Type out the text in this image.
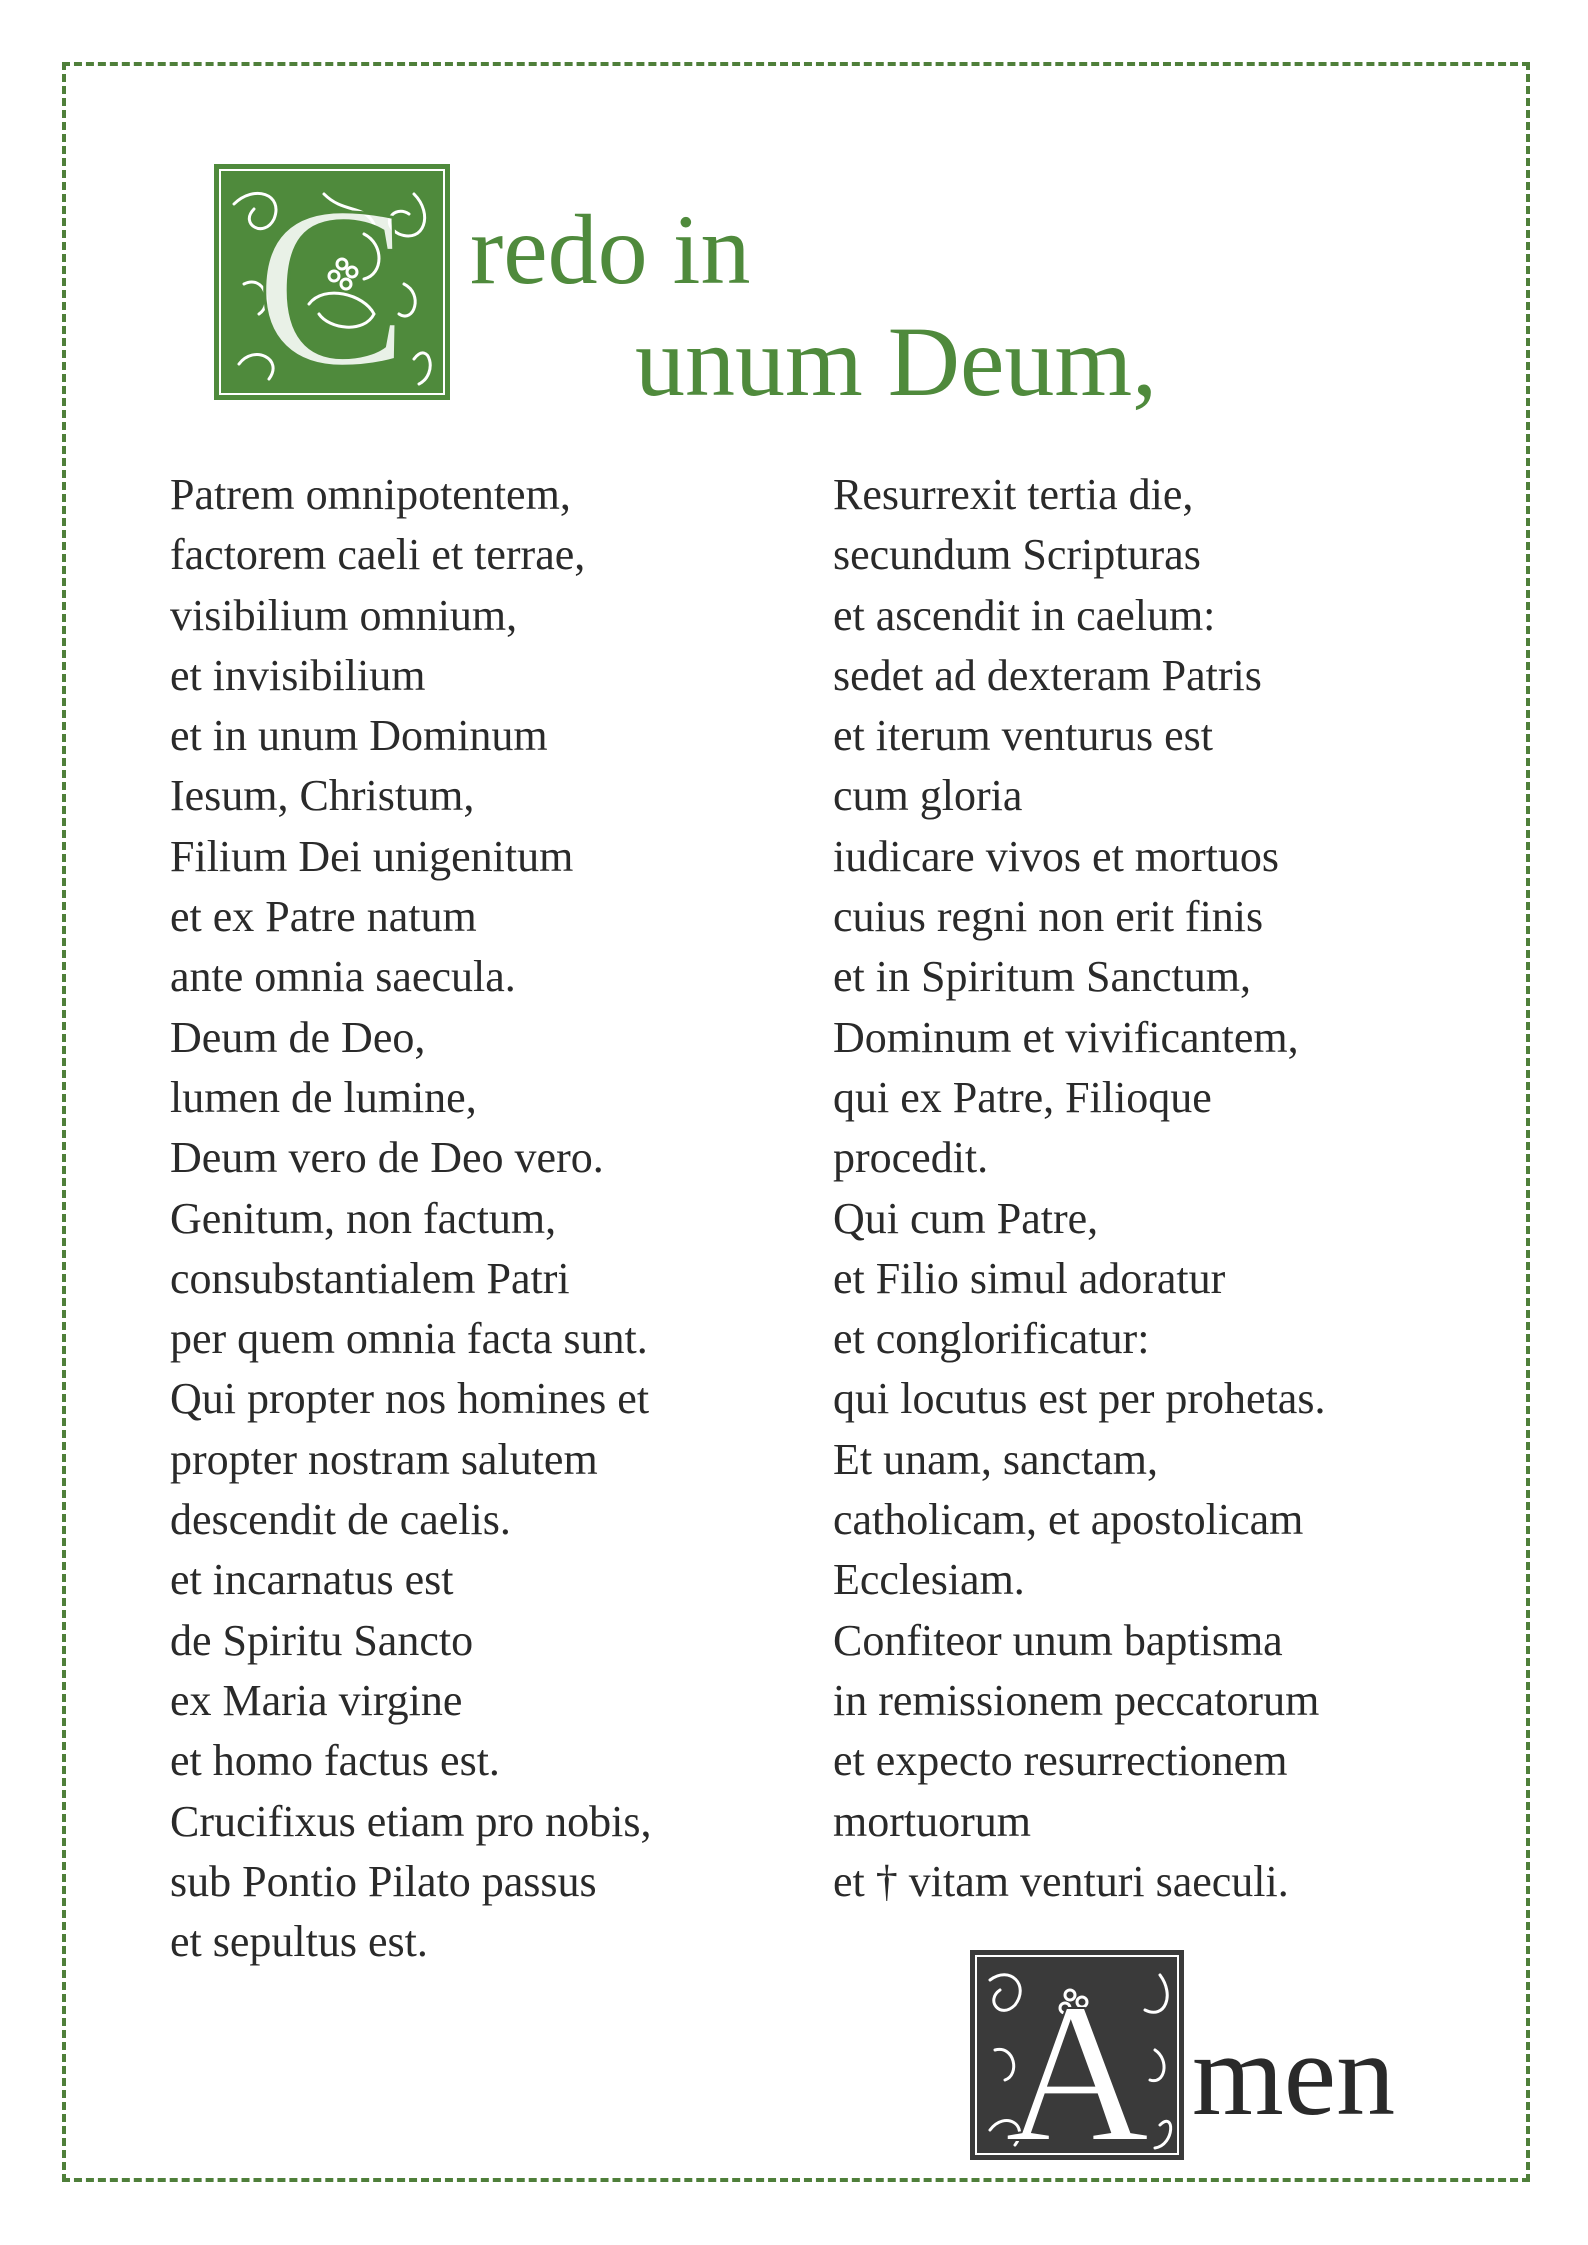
C redo in
unum Deum,
Patrem omnipotentem,
factorem caeli et terrae,
visibilium omnium,
et invisibilium
et in unum Dominum
Iesum, Christum,
Filium Dei unigenitum
et ex Patre natum
ante omnia saecula.
Deum de Deo,
lumen de lumine,
Deum vero de Deo vero.
Genitum, non factum,
consubstantialem Patri
per quem omnia facta sunt.
Qui propter nos homines et
propter nostram salutem
descendit de caelis.
et incarnatus est
de Spiritu Sancto
ex Maria virgine
et homo factus est.
Crucifixus etiam pro nobis,
sub Pontio Pilato passus
et sepultus est.
Resurrexit tertia die,
secundum Scripturas
et ascendit in caelum:
sedet ad dexteram Patris
et iterum venturus est
cum gloria
iudicare vivos et mortuos
cuius regni non erit finis
et in Spiritum Sanctum,
Dominum et vivificantem,
qui ex Patre, Filioque
procedit.
Qui cum Patre,
et Filio simul adoratur
et conglorificatur:
qui locutus est per prohetas.
Et unam, sanctam,
catholicam, et apostolicam
Ecclesiam.
Confiteor unum baptisma
in remissionem peccatorum
et expecto resurrectionem
mortuorum
et † vitam venturi saeculi.
A men
